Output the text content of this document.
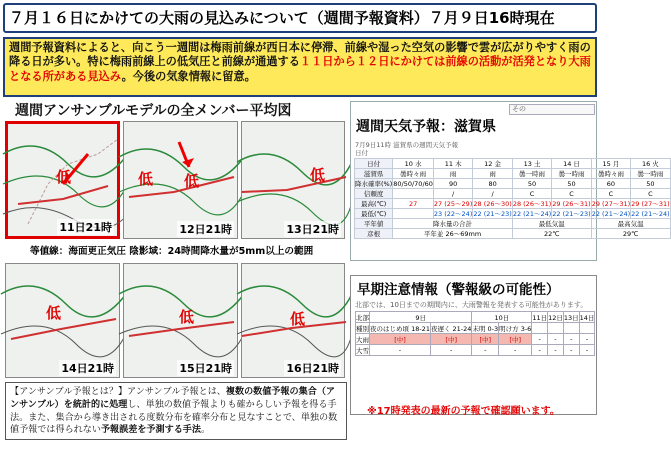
７月１６日にかけての大雨の見込みについて（週間予報資料）７月９日16時現在
週間予報資料によると、向こう一週間は梅雨前線が西日本に停滞、前線や湿った空気の影響で雲が広がりやすく雨の降る日が多い。特に梅雨前線上の低気圧と前線が通過する１１日から１２日にかけては前線の活動が活発となり大雨となる所がある見込み。今後の気象情報に留意。
週間アンサンブルモデルの全メンバー平均図
低
11日21時
低 低
12日21時
低
13日21時
等値線：海面更正気圧 陰影域：24時間降水量が5mm以上の範囲
低
14日21時
低
15日21時
低
16日21時
その
週間天気予報：滋賀県
7月9日11時 滋賀県の週間天気予報
日付
日付	10 水	11 木	12 金	13 土	14 日	15 月	16 火
滋賀県	曇時々雨	雨	雨	曇一時雨	曇一時雨	曇時々雨	曇一時雨
降水確率(%)	80/50/70/60	90	80	50	50	60	50
信頼度		/	/	C	C	C	C
最高(℃)	27	27 (25〜29)	28 (26〜30)	28 (26〜31)	29 (26〜31)	29 (27〜31)	29 (27〜31)
最低(℃)		23 (22〜24)	22 (21〜23)	22 (21〜24)	22 (21〜23)	22 (21〜24)	22 (21〜24)
平年値	降水量の合計			最低気温		最高気温	
彦根	平年並 26〜69mm			22℃		29℃	
早期注意情報（警報級の可能性）
北部では、10日までの期間内に、大雨警報を発表する可能性があります。
北部	9日		10日		11日	12日	13日	14日
種別	夜のはじめ頃 18-21	夜遅く 21-24	未明 0-3	明け方 3-6				
大雨	[中]	[中]	[中]	[中]	-	-	-	-
大雪	-	-	-	-	-	-	-	-
※17時発表の最新の予報で確認願います。
【アンサンブル予報とは？】アンサンブル予報とは、複数の数値予報の集合（アンサンブル）を統計的に処理し、単独の数値予報よりも確からしい予報を得る手法。また、集合から導き出される度数分布を確率分布と見なすことで、単独の数値予報では得られない予報誤差を予測する手法。
